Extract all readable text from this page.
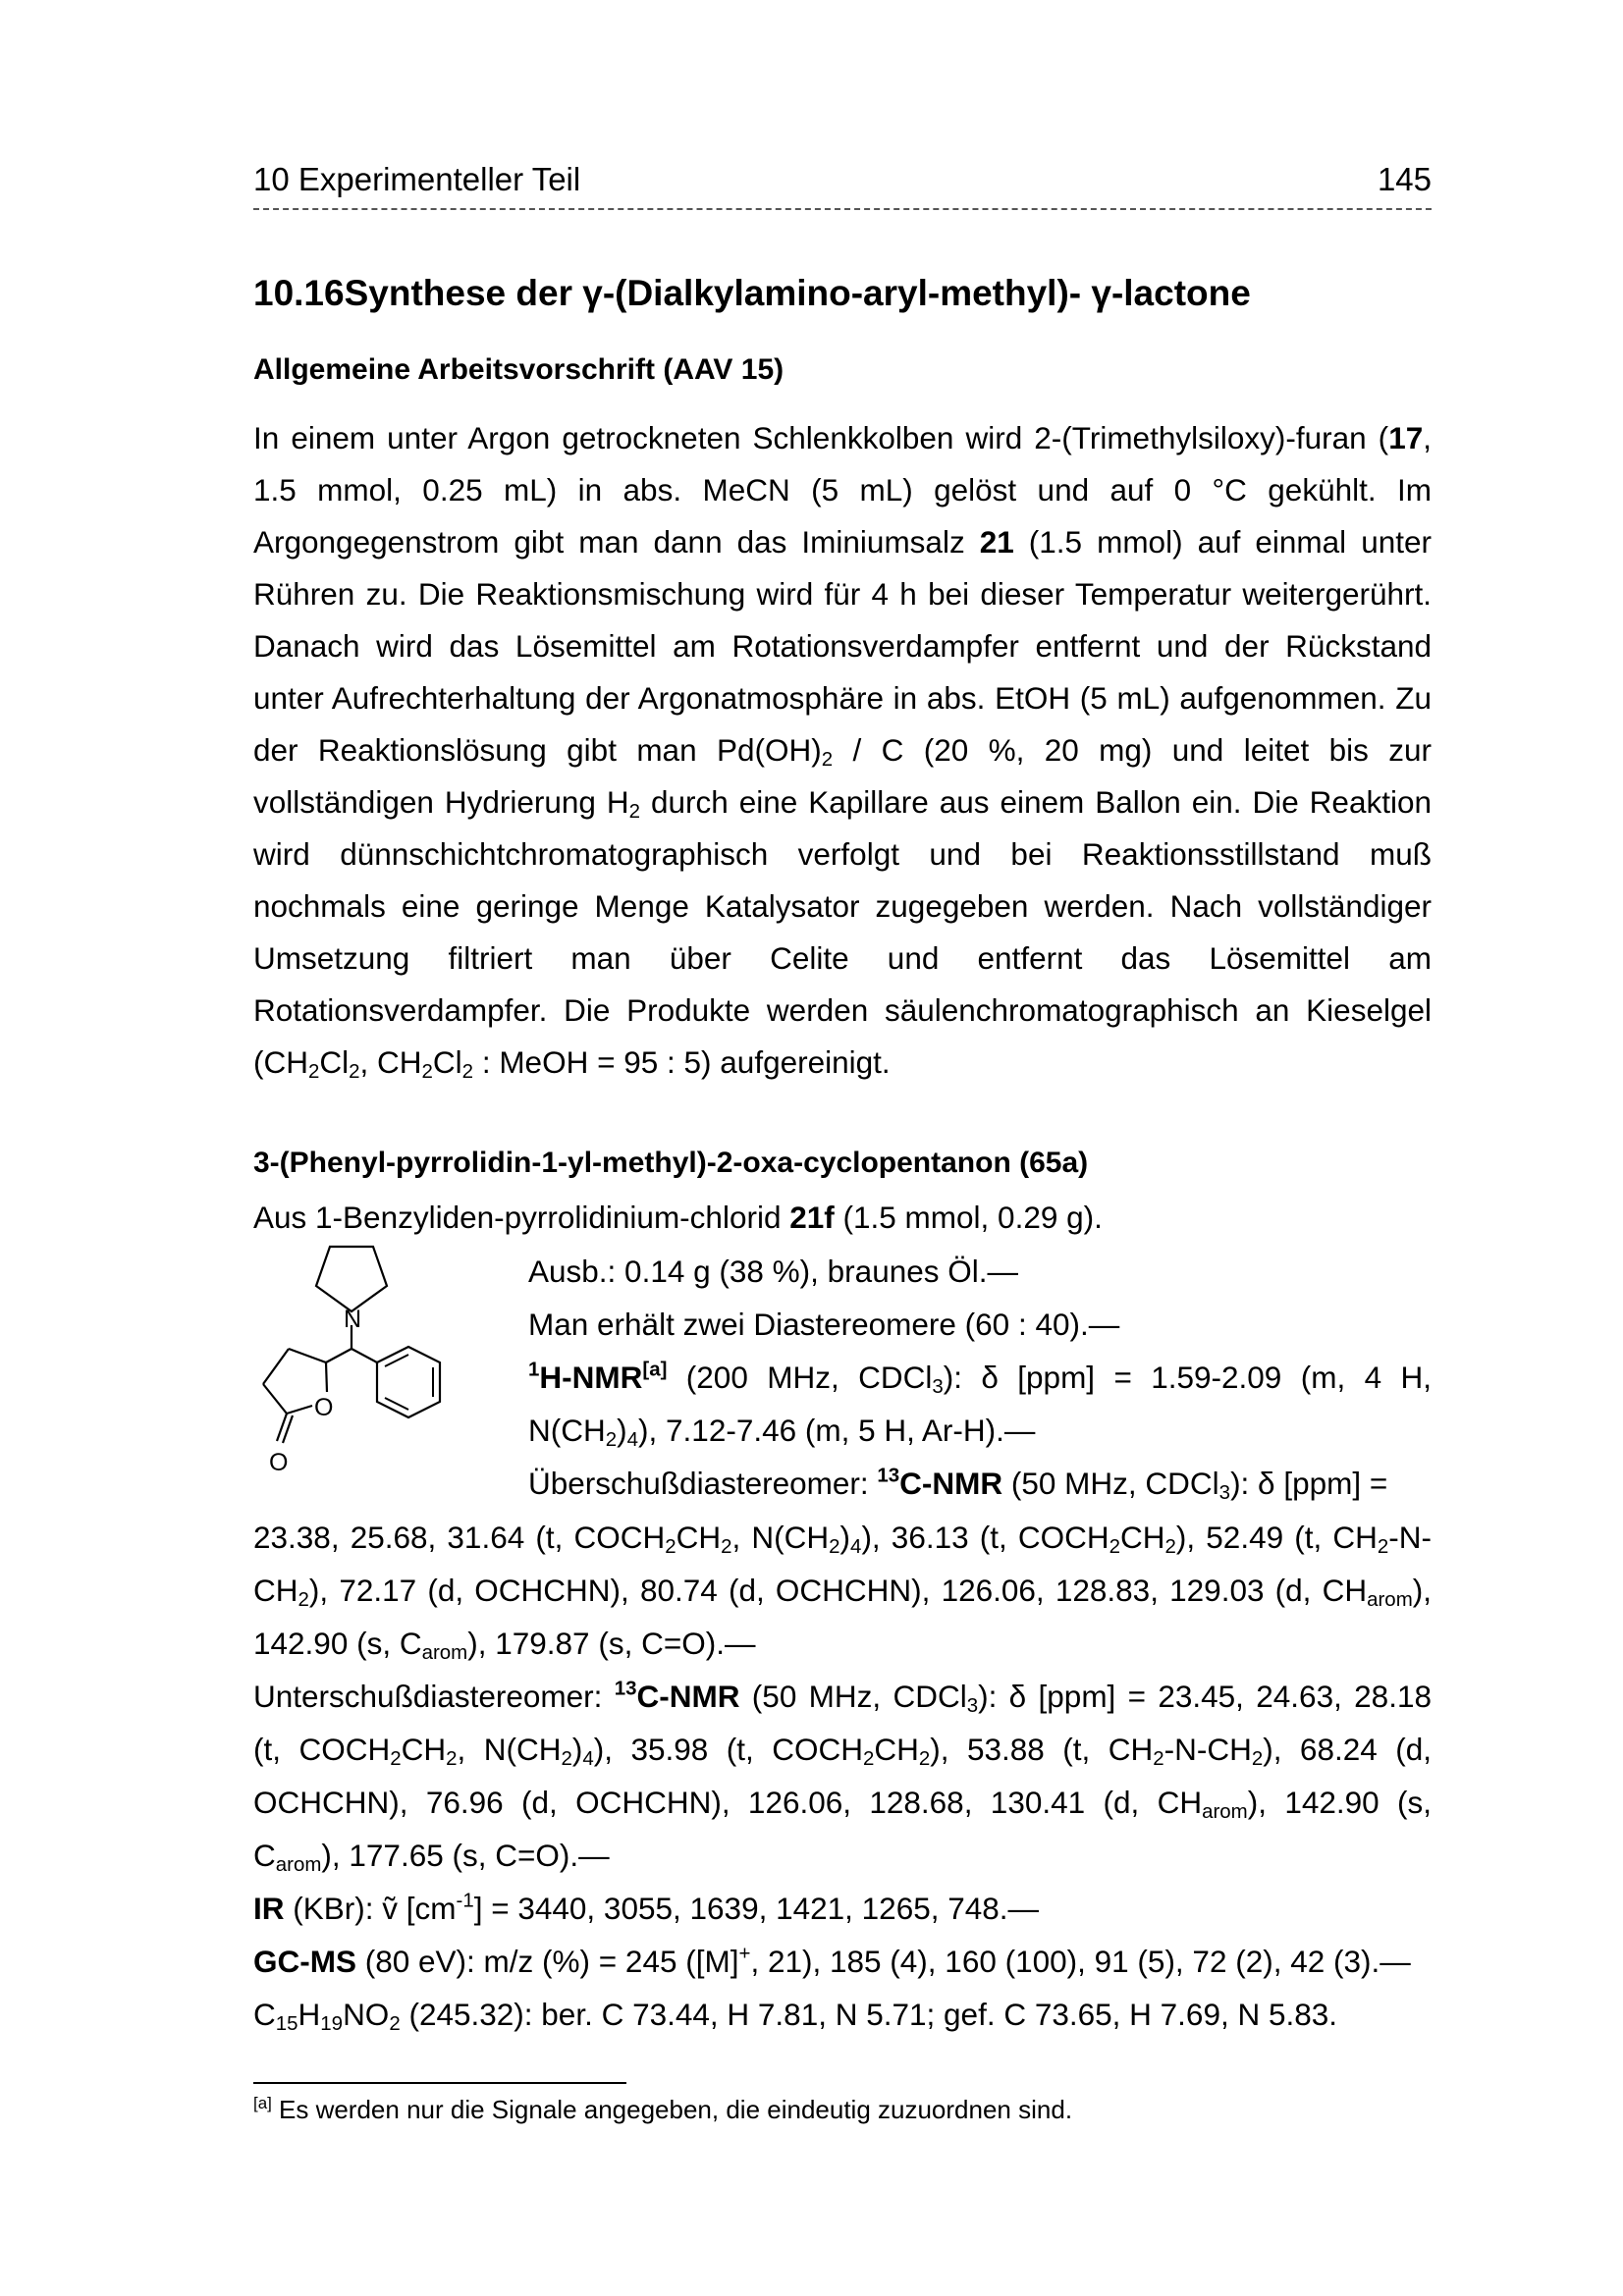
10 Experimenteller Teil	145
10.16Synthese der γ-(Dialkylamino-aryl-methyl)- γ-lactone
Allgemeine Arbeitsvorschrift (AAV 15)
In einem unter Argon getrockneten Schlenkkolben wird 2-(Trimethylsiloxy)-furan (17, 1.5 mmol, 0.25 mL) in abs. MeCN (5 mL) gelöst und auf 0 °C gekühlt. Im Argongegenstrom gibt man dann das Iminiumsalz 21 (1.5 mmol) auf einmal unter Rühren zu. Die Reaktionsmischung wird für 4 h bei dieser Temperatur weitergerührt. Danach wird das Lösemittel am Rotationsverdampfer entfernt und der Rückstand unter Aufrechterhaltung der Argonatmosphäre in abs. EtOH (5 mL) aufgenommen. Zu der Reaktionslösung gibt man $Pd(OH)_2$ / C (20 %, 20 mg) und leitet bis zur vollständigen Hydrierung $H_2$ durch eine Kapillare aus einem Ballon ein. Die Reaktion wird dünnschichtchromatographisch verfolgt und bei Reaktionsstillstand muß nochmals eine geringe Menge Katalysator zugegeben werden. Nach vollständiger Umsetzung filtriert man über Celite und entfernt das Lösemittel am Rotationsverdampfer. Die Produkte werden säulenchromatographisch an Kieselgel ($CH_2Cl_2$, $CH_2Cl_2$ : MeOH = 95 : 5) aufgereinigt.
3-(Phenyl-pyrrolidin-1-yl-methyl)-2-oxa-cyclopentanon (65a)
Aus 1-Benzyliden-pyrrolidinium-chlorid 21f (1.5 mmol, 0.29 g).
N
O
O
Ausb.: 0.14 g (38 %), braunes Öl.—
Man erhält zwei Diastereomere (60 : 40).—
$^1$H-NMR[a] (200 MHz, CDCl$_3$): δ [ppm] = 1.59-2.09 (m, 4 H, $N(CH_2)_4$), 7.12-7.46 (m, 5 H, Ar-H).—
Überschußdiastereomer: $^{13}$C-NMR (50 MHz, CDCl$_3$): δ [ppm] =
23.38, 25.68, 31.64 (t, $COCH_2CH_2$, $N(CH_2)_4$), 36.13 (t, $COCH_2CH_2$), 52.49 (t, $CH_2-N-CH_2$), 72.17 (d, OCHCHN), 80.74 (d, OCHCHN), 126.06, 128.83, 129.03 (d, $CH_{arom}$), 142.90 (s, $C_{arom}$), 179.87 (s, C=O).—
Unterschußdiastereomer: $^{13}$C-NMR (50 MHz, CDCl$_3$): δ [ppm] = 23.45, 24.63, 28.18 (t, $COCH_2CH_2$, $N(CH_2)_4$), 35.98 (t, $COCH_2CH_2$), 53.88 (t, $CH_2-N-CH_2$), 68.24 (d, OCHCHN), 76.96 (d, OCHCHN), 126.06, 128.68, 130.41 (d, $CH_{arom}$), 142.90 (s, $C_{arom}$), 177.65 (s, C=O).—
IR (KBr): ṽ $[cm^{-1}] = 3440$, 3055, 1639, 1421, 1265, 748.—
GC-MS (80 eV): m/z (%) = 245 ([M]+, 21), 185 (4), 160 (100), 91 (5), 72 (2), 42 (3).—
$C_{15}H_{19}NO_2$ (245.32): ber. C 73.44, H 7.81, N 5.71; gef. C 73.65, H 7.69, N 5.83.
[a] Es werden nur die Signale angegeben, die eindeutig zuzuordnen sind.
